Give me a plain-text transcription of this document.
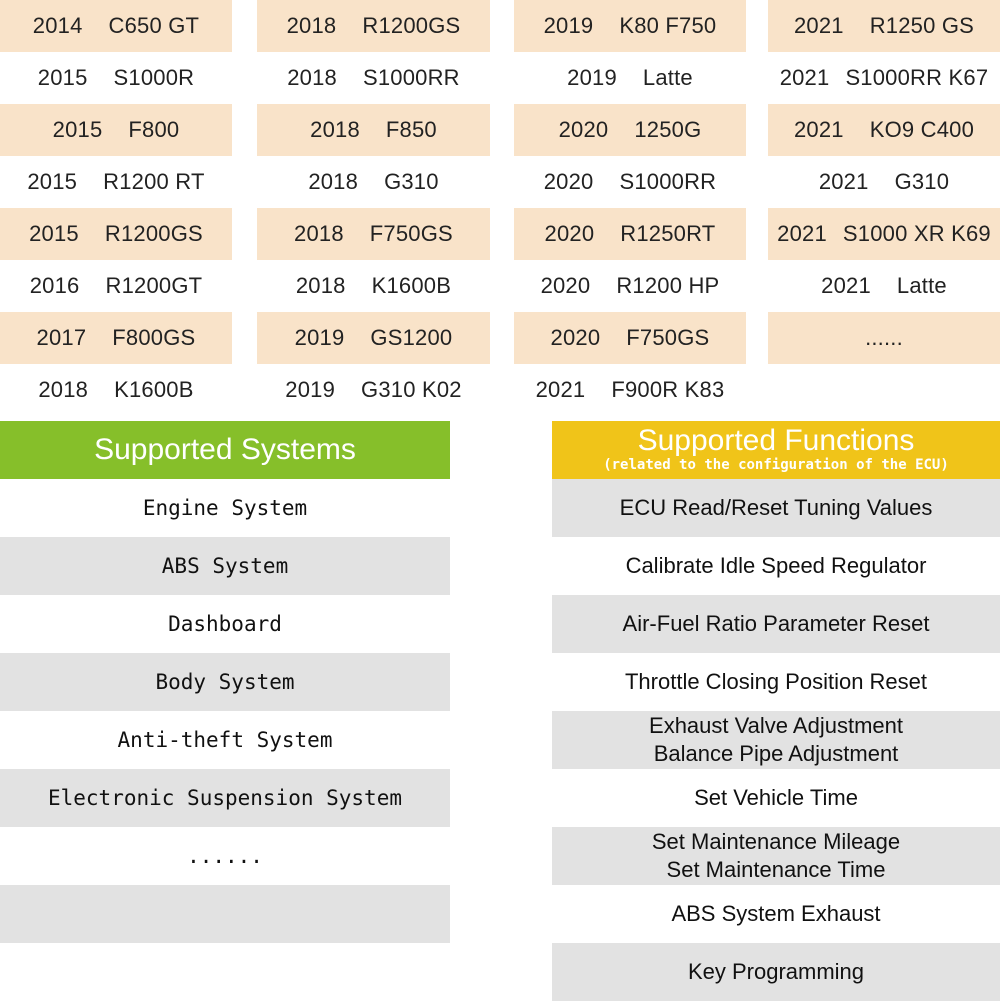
2014 C650 GT
2015 S1000R
2015 F800
2015 R1200 RT
2015 R1200GS
2016 R1200GT
2017 F800GS
2018 K1600B
2018 R1200GS
2018 S1000RR
2018 F850
2018 G310
2018 F750GS
2018 K1600B
2019 GS1200
2019 G310 K02
2019 K80 F750
2019 Latte
2020 1250G
2020 S1000RR
2020 R1250RT
2020 R1200 HP
2020 F750GS
2021 F900R K83
2021 R1250 GS
2021 S1000RR K67
2021 KO9 C400
2021 G310
2021 S1000 XR K69
2021 Latte
......
Supported Systems
Engine System
ABS System
Dashboard
Body System
Anti-theft System
Electronic Suspension System
......
Supported Functions
(related to the configuration of the ECU)
ECU Read/Reset Tuning Values
Calibrate Idle Speed Regulator
Air-Fuel Ratio Parameter Reset
Throttle Closing Position Reset
Exhaust Valve Adjustment
Balance Pipe Adjustment
Set Vehicle Time
Set Maintenance Mileage
Set Maintenance Time
ABS System Exhaust
Key Programming
